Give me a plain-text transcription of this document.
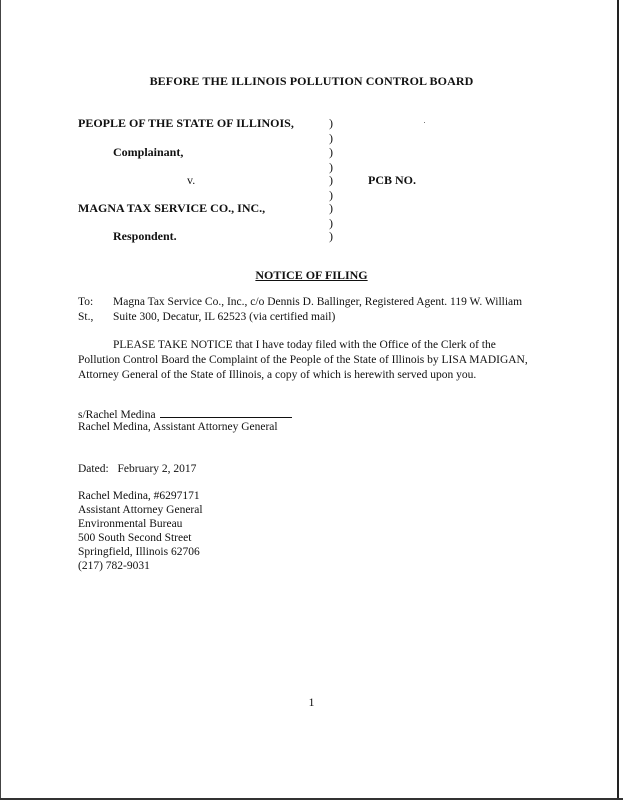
BEFORE THE ILLINOIS POLLUTION CONTROL BOARD
PEOPLE OF THE STATE OF ILLINOIS,
Complainant,
v.	PCB NO.
MAGNA TAX SERVICE CO., INC.,
Respondent.
)
)
)
)
)
)
)
)
)
NOTICE OF FILING
To: Magna Tax Service Co., Inc., c/o Dennis D. Ballinger, Registered Agent. 119 W. William
St., Suite 300, Decatur, IL 62523 (via certified mail)
PLEASE TAKE NOTICE that I have today filed with the Office of the Clerk of the
Pollution Control Board the Complaint of the People of the State of Illinois by LISA MADIGAN,
Attorney General of the State of Illinois, a copy of which is herewith served upon you.
s/Rachel Medina
Rachel Medina, Assistant Attorney General
Dated: February 2, 2017
Rachel Medina, #6297171
Assistant Attorney General
Environmental Bureau
500 South Second Street
Springfield, Illinois 62706
(217) 782-9031
1
